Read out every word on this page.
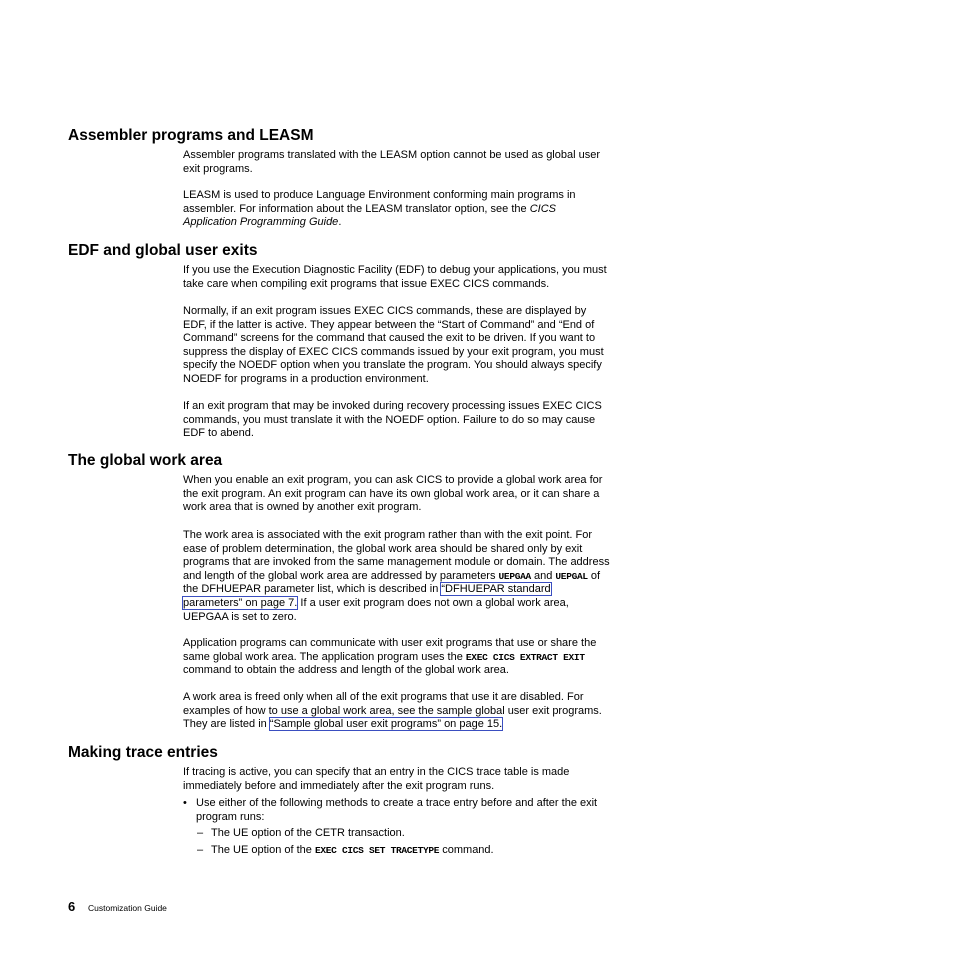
Assembler programs and LEASM

Assembler programs translated with the LEASM option cannot be used as global user exit programs.

LEASM is used to produce Language Environment conforming main programs in assembler. For information about the LEASM translator option, see the CICS Application Programming Guide.

EDF and global user exits

If you use the Execution Diagnostic Facility (EDF) to debug your applications, you must take care when compiling exit programs that issue EXEC CICS commands.

Normally, if an exit program issues EXEC CICS commands, these are displayed by EDF, if the latter is active. They appear between the “Start of Command” and “End of Command” screens for the command that caused the exit to be driven. If you want to suppress the display of EXEC CICS commands issued by your exit program, you must specify the NOEDF option when you translate the program. You should always specify NOEDF for programs in a production environment.

If an exit program that may be invoked during recovery processing issues EXEC CICS commands, you must translate it with the NOEDF option. Failure to do so may cause EDF to abend.

The global work area

When you enable an exit program, you can ask CICS to provide a global work area for the exit program. An exit program can have its own global work area, or it can share a work area that is owned by another exit program.

The work area is associated with the exit program rather than with the exit point. For ease of problem determination, the global work area should be shared only by exit programs that are invoked from the same management module or domain. The address and length of the global work area are addressed by parameters UEPGAA and UEPGAL of the DFHUEPAR parameter list, which is described in “DFHUEPAR standard parameters” on page 7. If a user exit program does not own a global work area, UEPGAA is set to zero.

Application programs can communicate with user exit programs that use or share the same global work area. The application program uses the EXEC CICS EXTRACT EXIT command to obtain the address and length of the global work area.

A work area is freed only when all of the exit programs that use it are disabled. For examples of how to use a global work area, see the sample global user exit programs. They are listed in “Sample global user exit programs” on page 15.

Making trace entries

If tracing is active, you can specify that an entry in the CICS trace table is made immediately before and immediately after the exit program runs.

• Use either of the following methods to create a trace entry before and after the exit program runs:

– The UE option of the CETR transaction.

– The UE option of the EXEC CICS SET TRACETYPE command.

6 Customization Guide
